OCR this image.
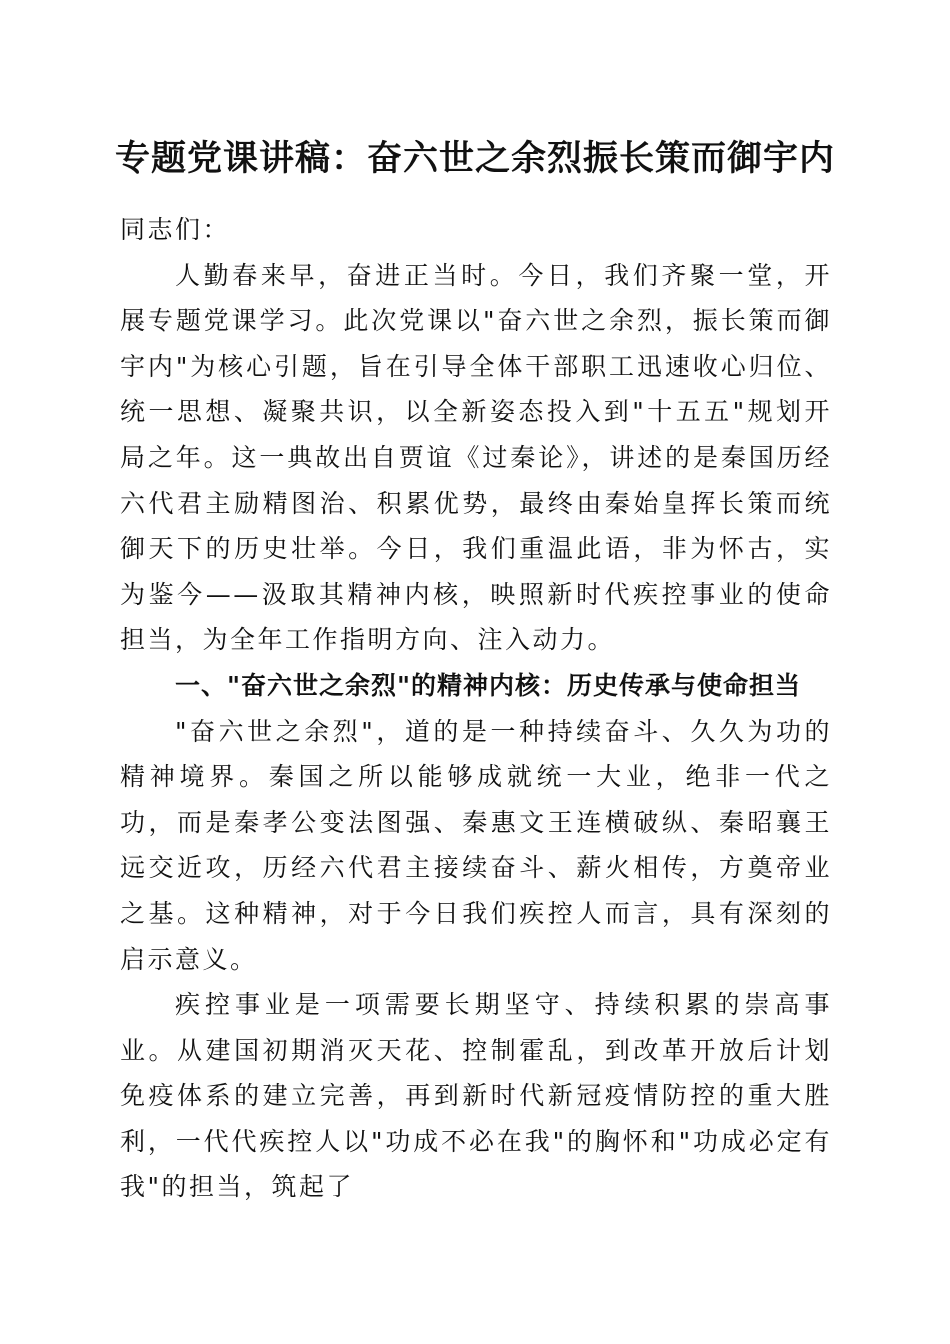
专题党课讲稿：奋六世之余烈振长策而御宇内

同志们：

人勤春来早，奋进正当时。今日，我们齐聚一堂，开展专题党课学习。此次党课以"奋六世之余烈，振长策而御宇内"为核心引题，旨在引导全体干部职工迅速收心归位、统一思想、凝聚共识，以全新姿态投入到"十五五"规划开局之年。这一典故出自贾谊《过秦论》，讲述的是秦国历经六代君主励精图治、积累优势，最终由秦始皇挥长策而统御天下的历史壮举。今日，我们重温此语，非为怀古，实为鉴今——汲取其精神内核，映照新时代疾控事业的使命担当，为全年工作指明方向、注入动力。

一、"奋六世之余烈"的精神内核：历史传承与使命担当

"奋六世之余烈"，道的是一种持续奋斗、久久为功的精神境界。秦国之所以能够成就统一大业，绝非一代之功，而是秦孝公变法图强、秦惠文王连横破纵、秦昭襄王远交近攻，历经六代君主接续奋斗、薪火相传，方奠帝业之基。这种精神，对于今日我们疾控人而言，具有深刻的启示意义。

疾控事业是一项需要长期坚守、持续积累的崇高事业。从建国初期消灭天花、控制霍乱，到改革开放后计划免疫体系的建立完善，再到新时代新冠疫情防控的重大胜利，一代代疾控人以"功成不必在我"的胸怀和"功成必定有我"的担当，筑起了
